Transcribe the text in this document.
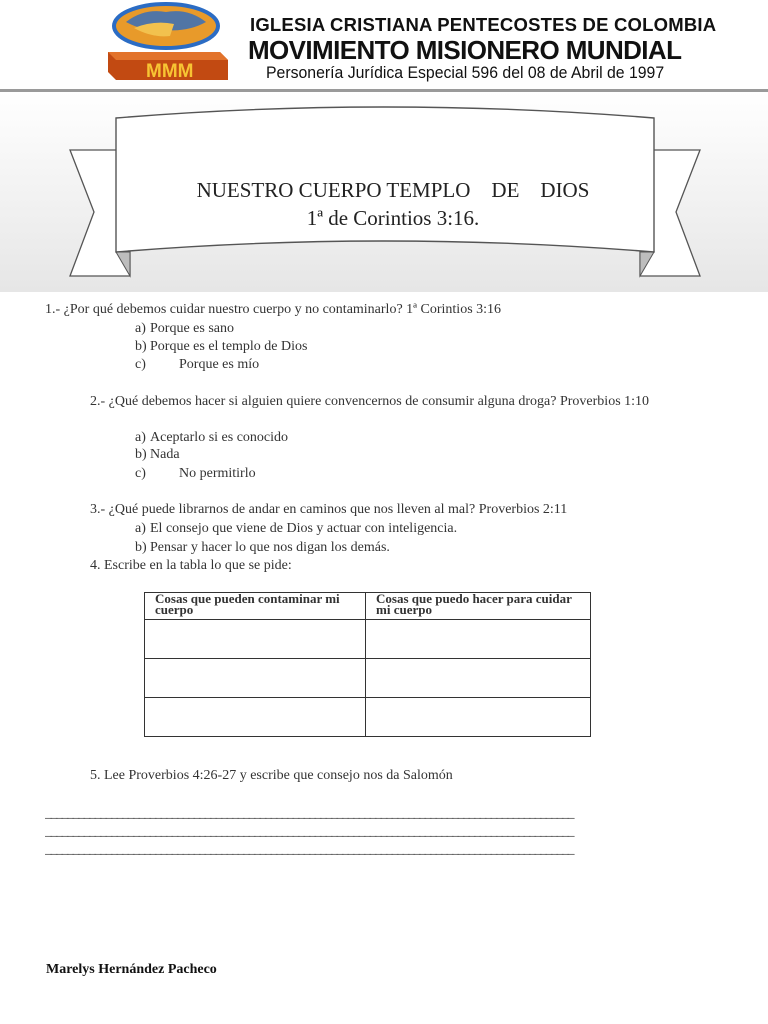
MMM
IGLESIA CRISTIANA PENTECOSTES DE COLOMBIA
MOVIMIENTO MISIONERO MUNDIAL
Personería Jurídica Especial 596 del 08 de Abril de 1997
NUESTRO CUERPO TEMPLO    DE    DIOS
1ª de Corintios 3:16.
1.- ¿Por qué debemos cuidar nuestro cuerpo y no contaminarlo? 1ª Corintios 3:16
a) Porque es sano
b) Porque es el templo de Dios
c) Porque es mío
2.- ¿Qué debemos hacer si alguien quiere convencernos de consumir alguna droga? Proverbios 1:10
a) Aceptarlo si es conocido
b) Nada
c) No permitirlo
3.- ¿Qué puede librarnos de andar en caminos que nos lleven al mal? Proverbios 2:11
a) El consejo que viene de Dios y actuar con inteligencia.
b) Pensar y hacer lo que nos digan los demás.
4. Escribe en la tabla lo que se pide:
Cosas que pueden contaminar mi cuerpo	Cosas que puedo hacer para cuidar mi cuerpo

5. Lee Proverbios 4:26-27 y escribe que consejo nos da Salomón
________________________________________________________________________________________________
________________________________________________________________________________________________
________________________________________________________________________________________________
Marelys Hernández Pacheco
